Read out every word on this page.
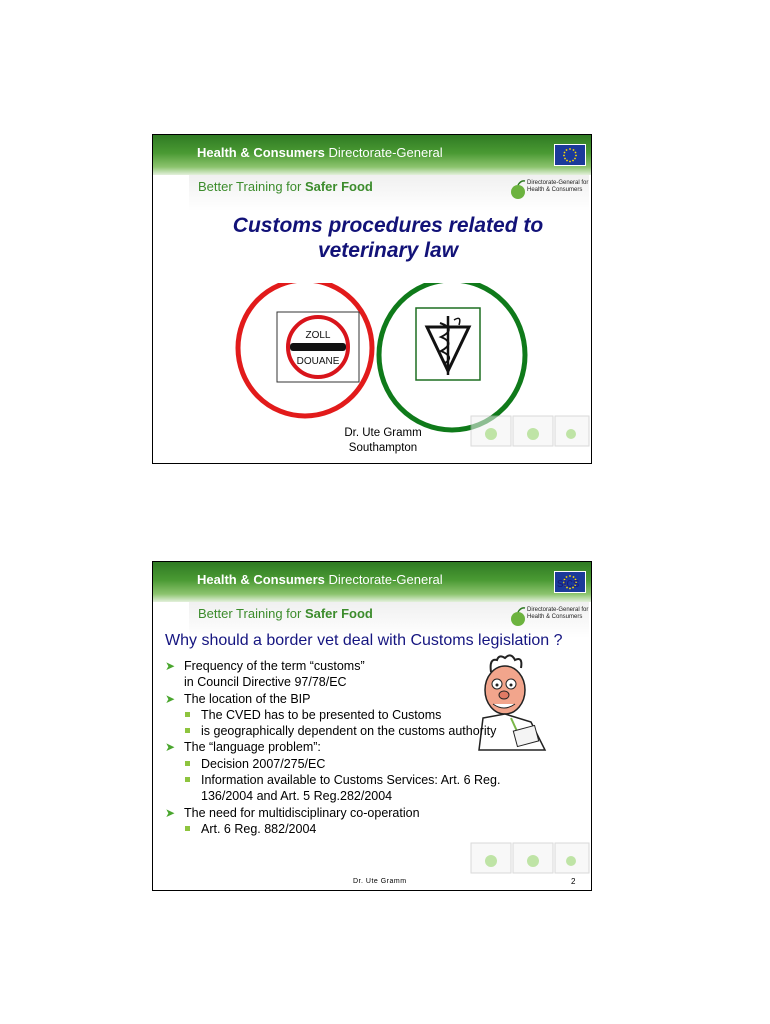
Health & Consumers Directorate-General
Better Training for Safer Food	Directorate-General for
Health & Consumers
Customs procedures related to
veterinary law
ZOLL
DOUANE
Dr. Ute Gramm
Southampton
Health & Consumers Directorate-General	sics
Better Training for Safer Food	Directorate-General for
Health & Consumers
Why should a border vet deal with Customs legislation ?
➤ Frequency of the term “customs”
in Council Directive 97/78/EC
➤ The location of the BIP
The CVED has to be presented to Customs
is geographically dependent on the customs authority
➤ The “language problem”:
Decision 2007/275/EC
Information available to Customs Services: Art. 6 Reg.
136/2004 and Art. 5 Reg.282/2004
➤ The need for multidisciplinary co-operation
Art. 6 Reg. 882/2004
Dr. Ute Gramm	2
